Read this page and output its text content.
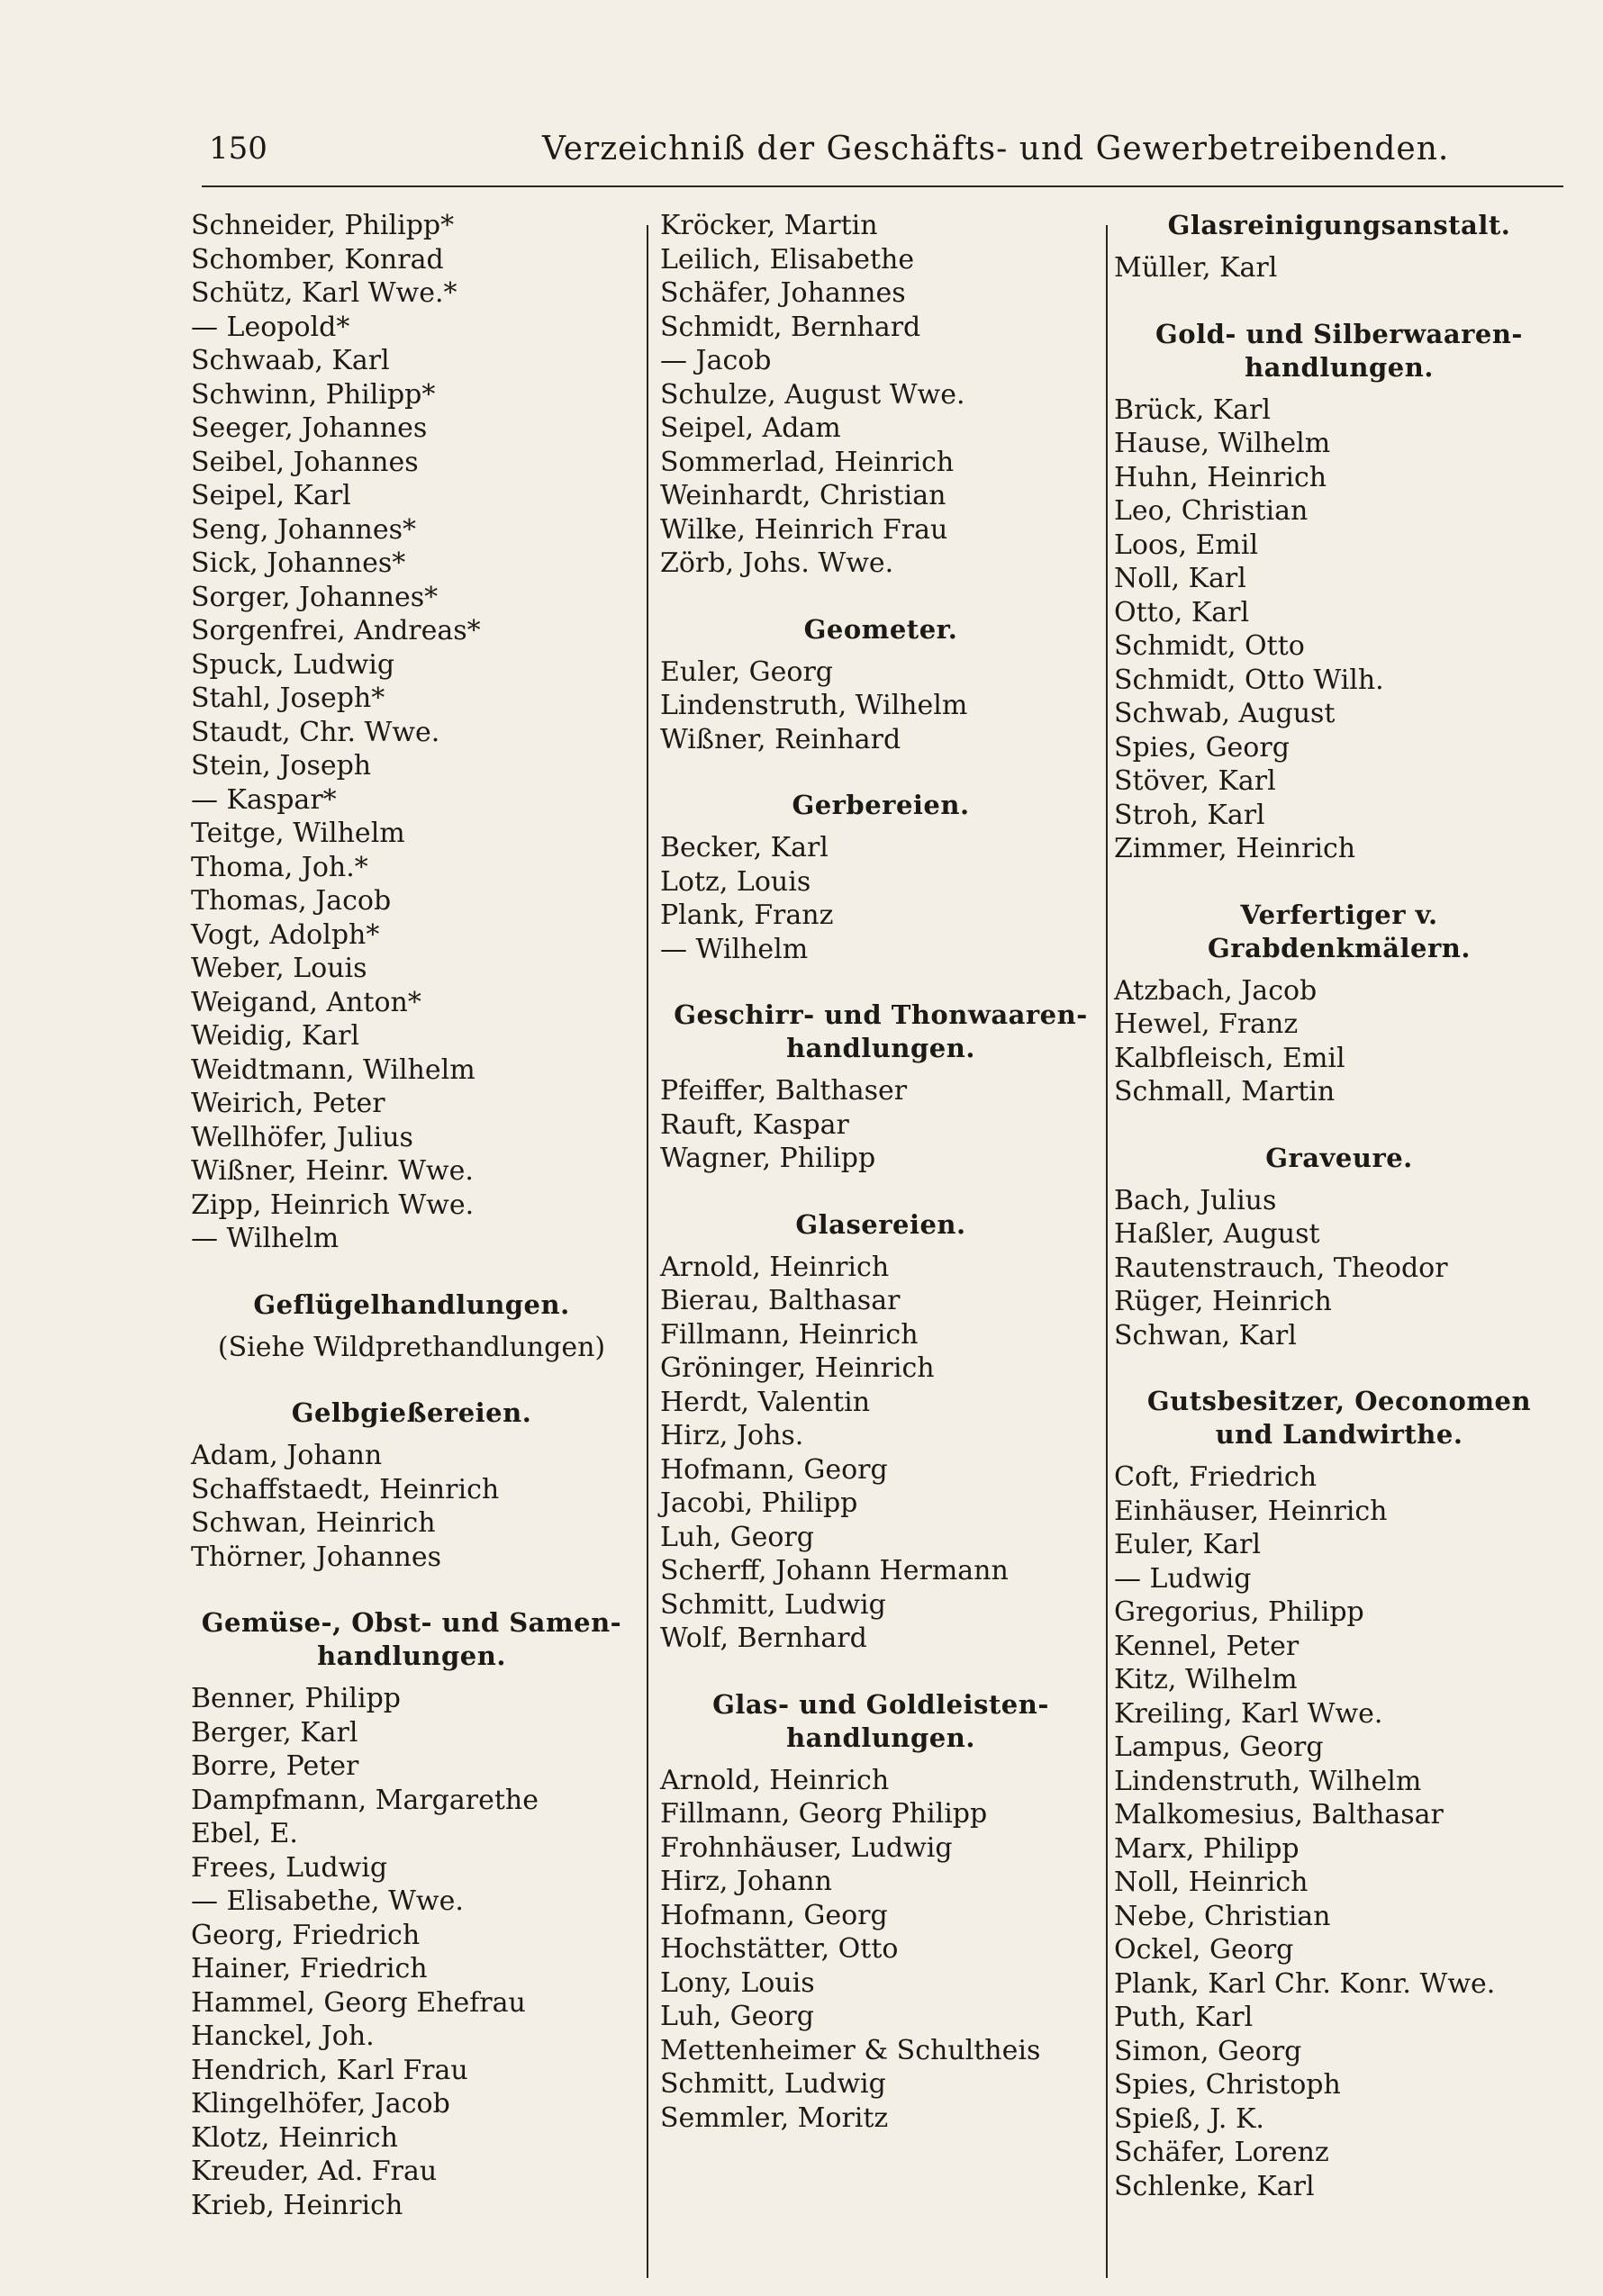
150	Verzeichniß der Geschäfts- und Gewerbetreibenden.
Schneider, Philipp*
Schomber, Konrad
Schütz, Karl Wwe.*
— Leopold*
Schwaab, Karl
Schwinn, Philipp*
Seeger, Johannes
Seibel, Johannes
Seipel, Karl
Seng, Johannes*
Sick, Johannes*
Sorger, Johannes*
Sorgenfrei, Andreas*
Spuck, Ludwig
Stahl, Joseph*
Staudt, Chr. Wwe.
Stein, Joseph
— Kaspar*
Teitge, Wilhelm
Thoma, Joh.*
Thomas, Jacob
Vogt, Adolph*
Weber, Louis
Weigand, Anton*
Weidig, Karl
Weidtmann, Wilhelm
Weirich, Peter
Wellhöfer, Julius
Wißner, Heinr. Wwe.
Zipp, Heinrich Wwe.
— Wilhelm
Geflügelhandlungen.
(Siehe Wildprethandlungen)
Gelbgießereien.
Adam, Johann
Schaffstaedt, Heinrich
Schwan, Heinrich
Thörner, Johannes
Gemüse-, Obst- und Samen-
handlungen.
Benner, Philipp
Berger, Karl
Borre, Peter
Dampfmann, Margarethe
Ebel, E.
Frees, Ludwig
— Elisabethe, Wwe.
Georg, Friedrich
Hainer, Friedrich
Hammel, Georg Ehefrau
Hanckel, Joh.
Hendrich, Karl Frau
Klingelhöfer, Jacob
Klotz, Heinrich
Kreuder, Ad. Frau
Krieb, Heinrich
Kröcker, Martin
Leilich, Elisabethe
Schäfer, Johannes
Schmidt, Bernhard
— Jacob
Schulze, August Wwe.
Seipel, Adam
Sommerlad, Heinrich
Weinhardt, Christian
Wilke, Heinrich Frau
Zörb, Johs. Wwe.
Geometer.
Euler, Georg
Lindenstruth, Wilhelm
Wißner, Reinhard
Gerbereien.
Becker, Karl
Lotz, Louis
Plank, Franz
— Wilhelm
Geschirr- und Thonwaaren-
handlungen.
Pfeiffer, Balthaser
Rauft, Kaspar
Wagner, Philipp
Glasereien.
Arnold, Heinrich
Bierau, Balthasar
Fillmann, Heinrich
Gröninger, Heinrich
Herdt, Valentin
Hirz, Johs.
Hofmann, Georg
Jacobi, Philipp
Luh, Georg
Scherff, Johann Hermann
Schmitt, Ludwig
Wolf, Bernhard
Glas- und Goldleisten-
handlungen.
Arnold, Heinrich
Fillmann, Georg Philipp
Frohnhäuser, Ludwig
Hirz, Johann
Hofmann, Georg
Hochstätter, Otto
Lony, Louis
Luh, Georg
Mettenheimer & Schultheis
Schmitt, Ludwig
Semmler, Moritz
Glasreinigungsanstalt.
Müller, Karl
Gold- und Silberwaaren-
handlungen.
Brück, Karl
Hause, Wilhelm
Huhn, Heinrich
Leo, Christian
Loos, Emil
Noll, Karl
Otto, Karl
Schmidt, Otto
Schmidt, Otto Wilh.
Schwab, August
Spies, Georg
Stöver, Karl
Stroh, Karl
Zimmer, Heinrich
Verfertiger v. Grabdenkmälern.
Atzbach, Jacob
Hewel, Franz
Kalbfleisch, Emil
Schmall, Martin
Graveure.
Bach, Julius
Haßler, August
Rautenstrauch, Theodor
Rüger, Heinrich
Schwan, Karl
Gutsbesitzer, Oeconomen
und Landwirthe.
Coft, Friedrich
Einhäuser, Heinrich
Euler, Karl
— Ludwig
Gregorius, Philipp
Kennel, Peter
Kitz, Wilhelm
Kreiling, Karl Wwe.
Lampus, Georg
Lindenstruth, Wilhelm
Malkomesius, Balthasar
Marx, Philipp
Noll, Heinrich
Nebe, Christian
Ockel, Georg
Plank, Karl Chr. Konr. Wwe.
Puth, Karl
Simon, Georg
Spies, Christoph
Spieß, J. K.
Schäfer, Lorenz
Schlenke, Karl
